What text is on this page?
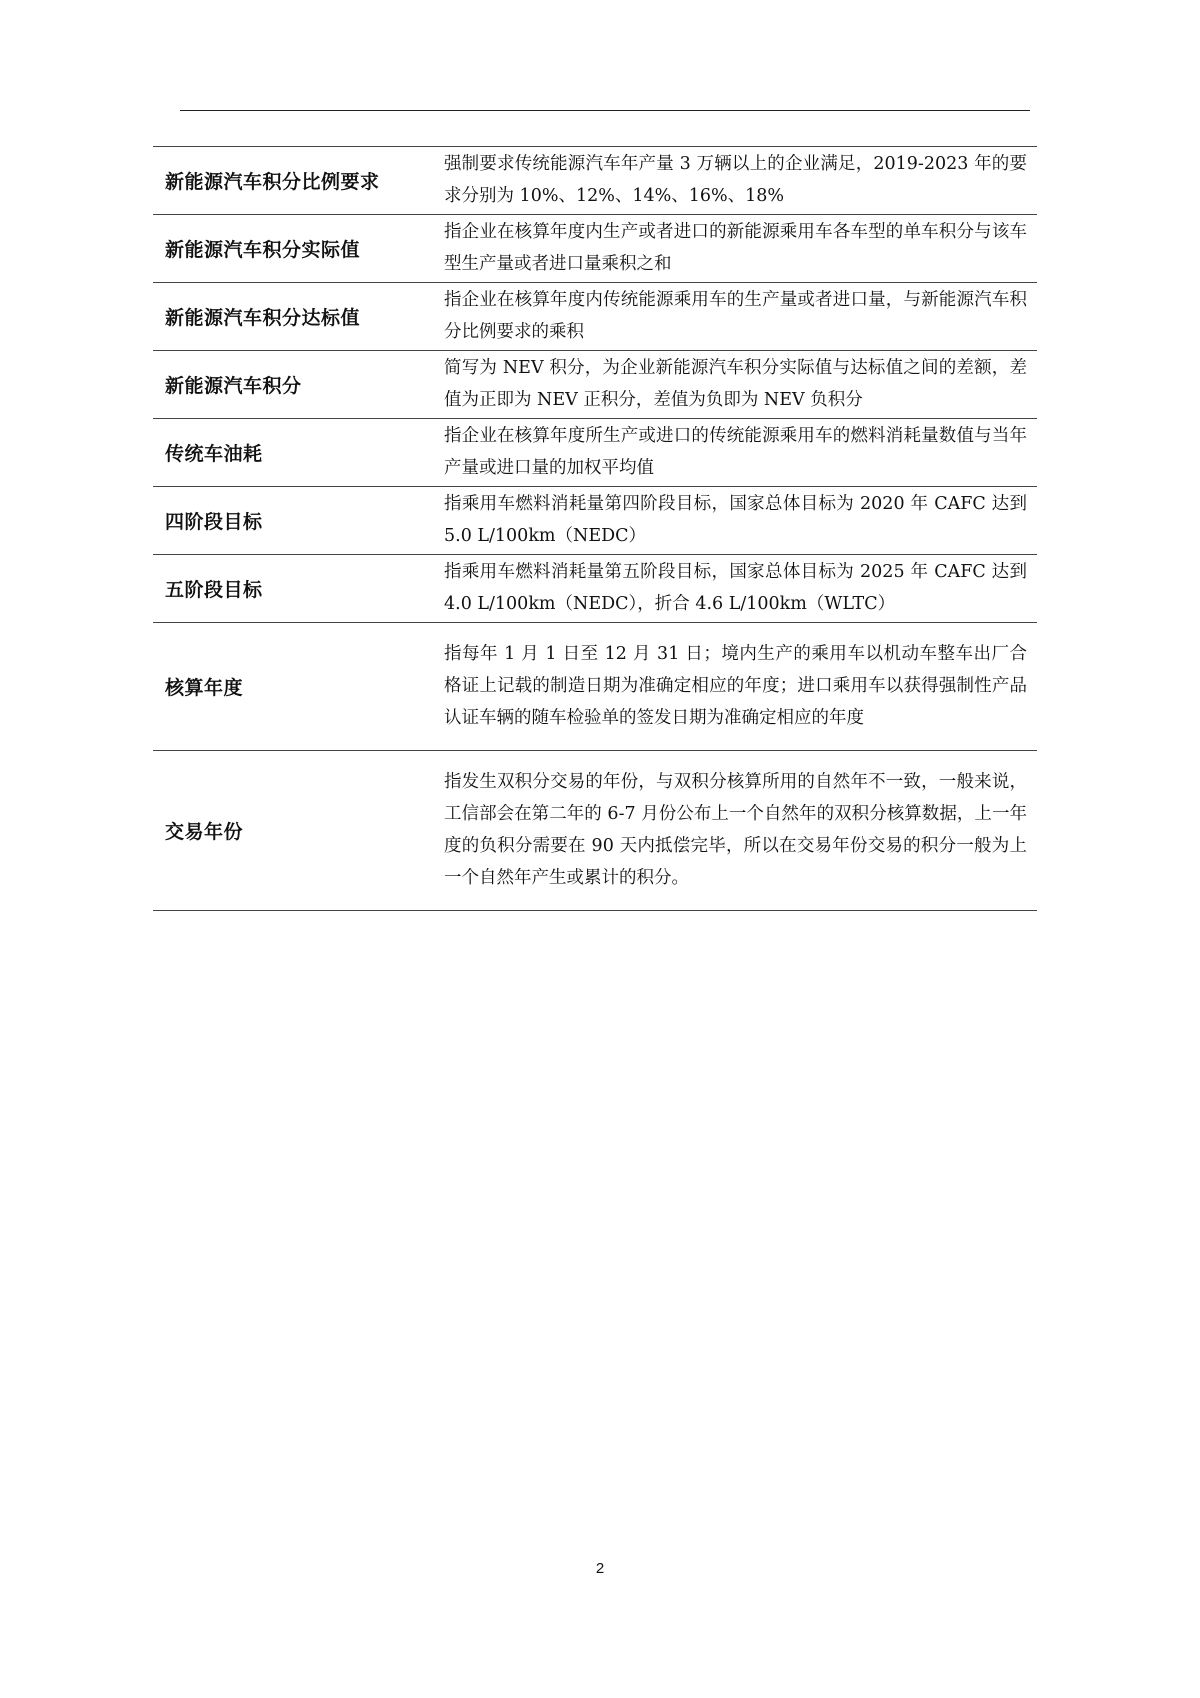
新能源汽车积分比例要求	强制要求传统能源汽车年产量 3 万辆以上的企业满足，2019-2023 年的要求分别为 10%、12%、14%、16%、18%
新能源汽车积分实际值	指企业在核算年度内生产或者进口的新能源乘用车各车型的单车积分与该车型生产量或者进口量乘积之和
新能源汽车积分达标值	指企业在核算年度内传统能源乘用车的生产量或者进口量，与新能源汽车积分比例要求的乘积
新能源汽车积分	简写为 NEV 积分，为企业新能源汽车积分实际值与达标值之间的差额，差值为正即为 NEV 正积分，差值为负即为 NEV 负积分
传统车油耗	指企业在核算年度所生产或进口的传统能源乘用车的燃料消耗量数值与当年产量或进口量的加权平均值
四阶段目标	指乘用车燃料消耗量第四阶段目标，国家总体目标为 2020 年 CAFC 达到 5.0 L/100km（NEDC）
五阶段目标	指乘用车燃料消耗量第五阶段目标，国家总体目标为 2025 年 CAFC 达到 4.0 L/100km（NEDC），折合 4.6 L/100km（WLTC）
核算年度	指每年 1 月 1 日至 12 月 31 日；境内生产的乘用车以机动车整车出厂合格证上记载的制造日期为准确定相应的年度；进口乘用车以获得强制性产品认证车辆的随车检验单的签发日期为准确定相应的年度
交易年份	指发生双积分交易的年份，与双积分核算所用的自然年不一致，一般来说，工信部会在第二年的 6-7 月份公布上一个自然年的双积分核算数据，上一年度的负积分需要在 90 天内抵偿完毕，所以在交易年份交易的积分一般为上一个自然年产生或累计的积分。
2
